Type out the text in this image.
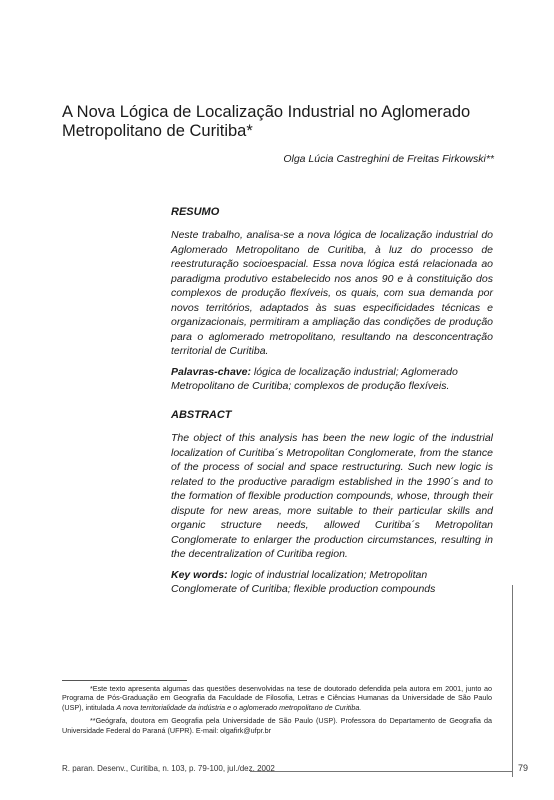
A Nova Lógica de Localização Industrial no Aglomerado Metropolitano de Curitiba*
Olga Lúcia Castreghini de Freitas Firkowski**
RESUMO

Neste trabalho, analisa-se a nova lógica de localização industrial do Aglomerado Metropolitano de Curitiba, à luz do processo de reestruturação socioespacial. Essa nova lógica está relacionada ao paradigma produtivo estabelecido nos anos 90 e à constituição dos complexos de produção flexíveis, os quais, com sua demanda por novos territórios, adaptados às suas especificidades técnicas e organizacionais, permitiram a ampliação das condições de produção para o aglomerado metropolitano, resultando na desconcentração territorial de Curitiba.

Palavras-chave: lógica de localização industrial; Aglomerado Metropolitano de Curitiba; complexos de produção flexíveis.

ABSTRACT

The object of this analysis has been the new logic of the industrial localization of Curitiba´s Metropolitan Conglomerate, from the stance of the process of social and space restructuring. Such new logic is related to the productive paradigm established in the 1990´s and to the formation of flexible production compounds, whose, through their dispute for new areas, more suitable to their particular skills and organic structure needs, allowed Curitiba´s Metropolitan Conglomerate to enlarger the production circumstances, resulting in the decentralization of Curitiba region.

Key words: logic of industrial localization; Metropolitan Conglomerate of Curitiba; flexible production compounds

*Este texto apresenta algumas das questões desenvolvidas na tese de doutorado defendida pela autora em 2001, junto ao Programa de Pós-Graduação em Geografia da Faculdade de Filosofia, Letras e Ciências Humanas da Universidade de São Paulo (USP), intitulada A nova territorialidade da indústria e o aglomerado metropolitano de Curitiba.

**Geógrafa, doutora em Geografia pela Universidade de São Paulo (USP). Professora do Departamento de Geografia da Universidade Federal do Paraná (UFPR). E-mail: olgafirk@ufpr.br

R. paran. Desenv., Curitiba, n. 103, p. 79-100, jul./dez. 2002	79
